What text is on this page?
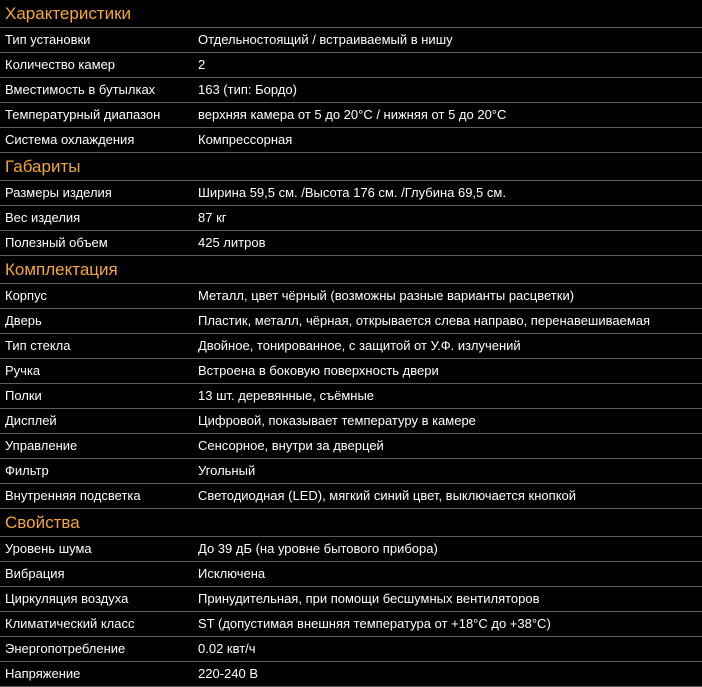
Характеристики
Тип установки	Отдельностоящий / встраиваемый в нишу
Количество камер	2
Вместимость в бутылках	163 (тип: Бордо)
Температурный диапазон	верхняя камера от 5 до 20°C / нижняя от 5 до 20°C
Система охлаждения	Компрессорная
Габариты
Размеры изделия	Ширина 59,5 см. /Высота 176 см. /Глубина 69,5 см.
Вес изделия	87 кг
Полезный объем	425 литров
Комплектация
Корпус	Металл, цвет чёрный (возможны разные варианты расцветки)
Дверь	Пластик, металл, чёрная, открывается слева направо, перенавешиваемая
Тип стекла	Двойное, тонированное, с защитой от У.Ф. излучений
Ручка	Встроена в боковую поверхность двери
Полки	13 шт. деревянные, съёмные
Дисплей	Цифровой, показывает температуру в камере
Управление	Сенсорное, внутри за дверцей
Фильтр	Угольный
Внутренняя подсветка	Светодиодная (LED), мягкий синий цвет, выключается кнопкой
Свойства
Уровень шума	До 39 дБ (на уровне бытового прибора)
Вибрация	Исключена
Циркуляция воздуха	Принудительная, при помощи бесшумных вентиляторов
Климатический класс	ST (допустимая внешняя температура от +18°C до +38°C)
Энергопотребление	0.02 квт/ч
Напряжение	220-240 В
